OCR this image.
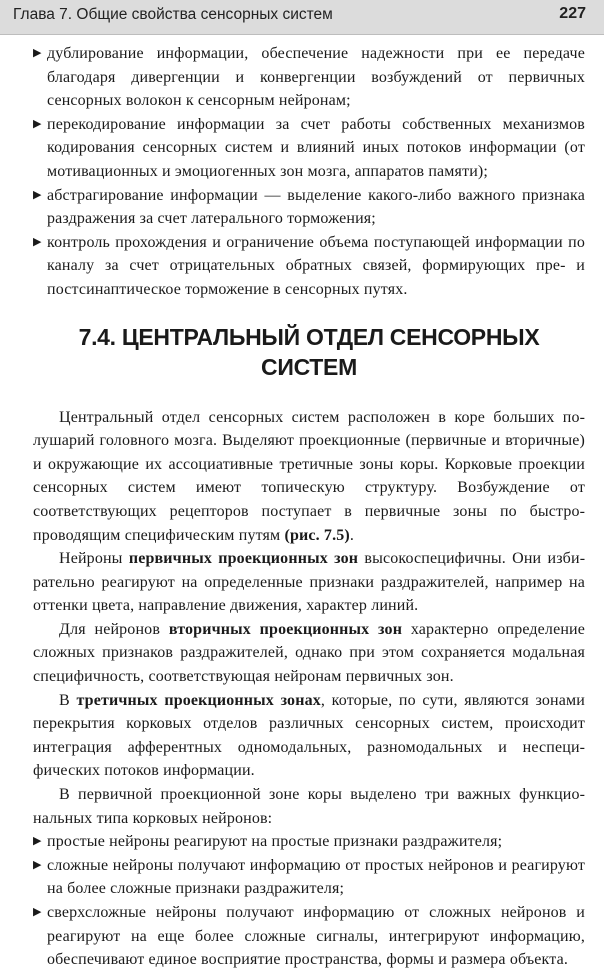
Глава 7. Общие свойства сенсорных систем	227
▶ дублирование информации, обеспечение надежности при ее передаче благодаря дивергенции и конвергенции возбуждений от первичных сенсорных волокон к сенсорным нейронам;
▶ перекодирование информации за счет работы собственных механизмов кодирования сенсорных систем и влияний иных потоков информации (от мотивационных и эмоциогенных зон мозга, аппаратов памяти);
▶ абстрагирование информации — выделение какого-либо важного признака раздражения за счет латерального торможения;
▶ контроль прохождения и ограничение объема поступающей информации по каналу за счет отрицательных обратных связей, формирующих пре- и постсинаптическое торможение в сенсорных путях.
7.4. ЦЕНТРАЛЬНЫЙ ОТДЕЛ СЕНСОРНЫХ СИСТЕМ

Центральный отдел сенсорных систем расположен в коре больших полушарий головного мозга. Выделяют проекционные (первичные и вторичные) и окружающие их ассоциативные третичные зоны коры. Корковые проекции сенсорных систем имеют топическую структуру. Возбуждение от соответствующих рецепторов поступает в первичные зоны по быстропроводящим специфическим путям (рис. 7.5).

Нейроны первичных проекционных зон высокоспецифичны. Они избирательно реагируют на определенные признаки раздражителей, например на оттенки цвета, направление движения, характер линий.

Для нейронов вторичных проекционных зон характерно определение сложных признаков раздражителей, однако при этом сохраняется модальная специфичность, соответствующая нейронам первичных зон.

В третичных проекционных зонах, которые, по сути, являются зонами перекрытия корковых отделов различных сенсорных систем, происходит интеграция афферентных одномодальных, разномодальных и неспецифических потоков информации.

В первичной проекционной зоне коры выделено три важных функциональных типа корковых нейронов:

▶ простые нейроны реагируют на простые признаки раздражителя;
▶ сложные нейроны получают информацию от простых нейронов и реагируют на более сложные признаки раздражителя;
▶ сверхсложные нейроны получают информацию от сложных нейронов и реагируют на еще более сложные сигналы, интегрируют информацию, обеспечивают единое восприятие пространства, формы и размера объекта.
